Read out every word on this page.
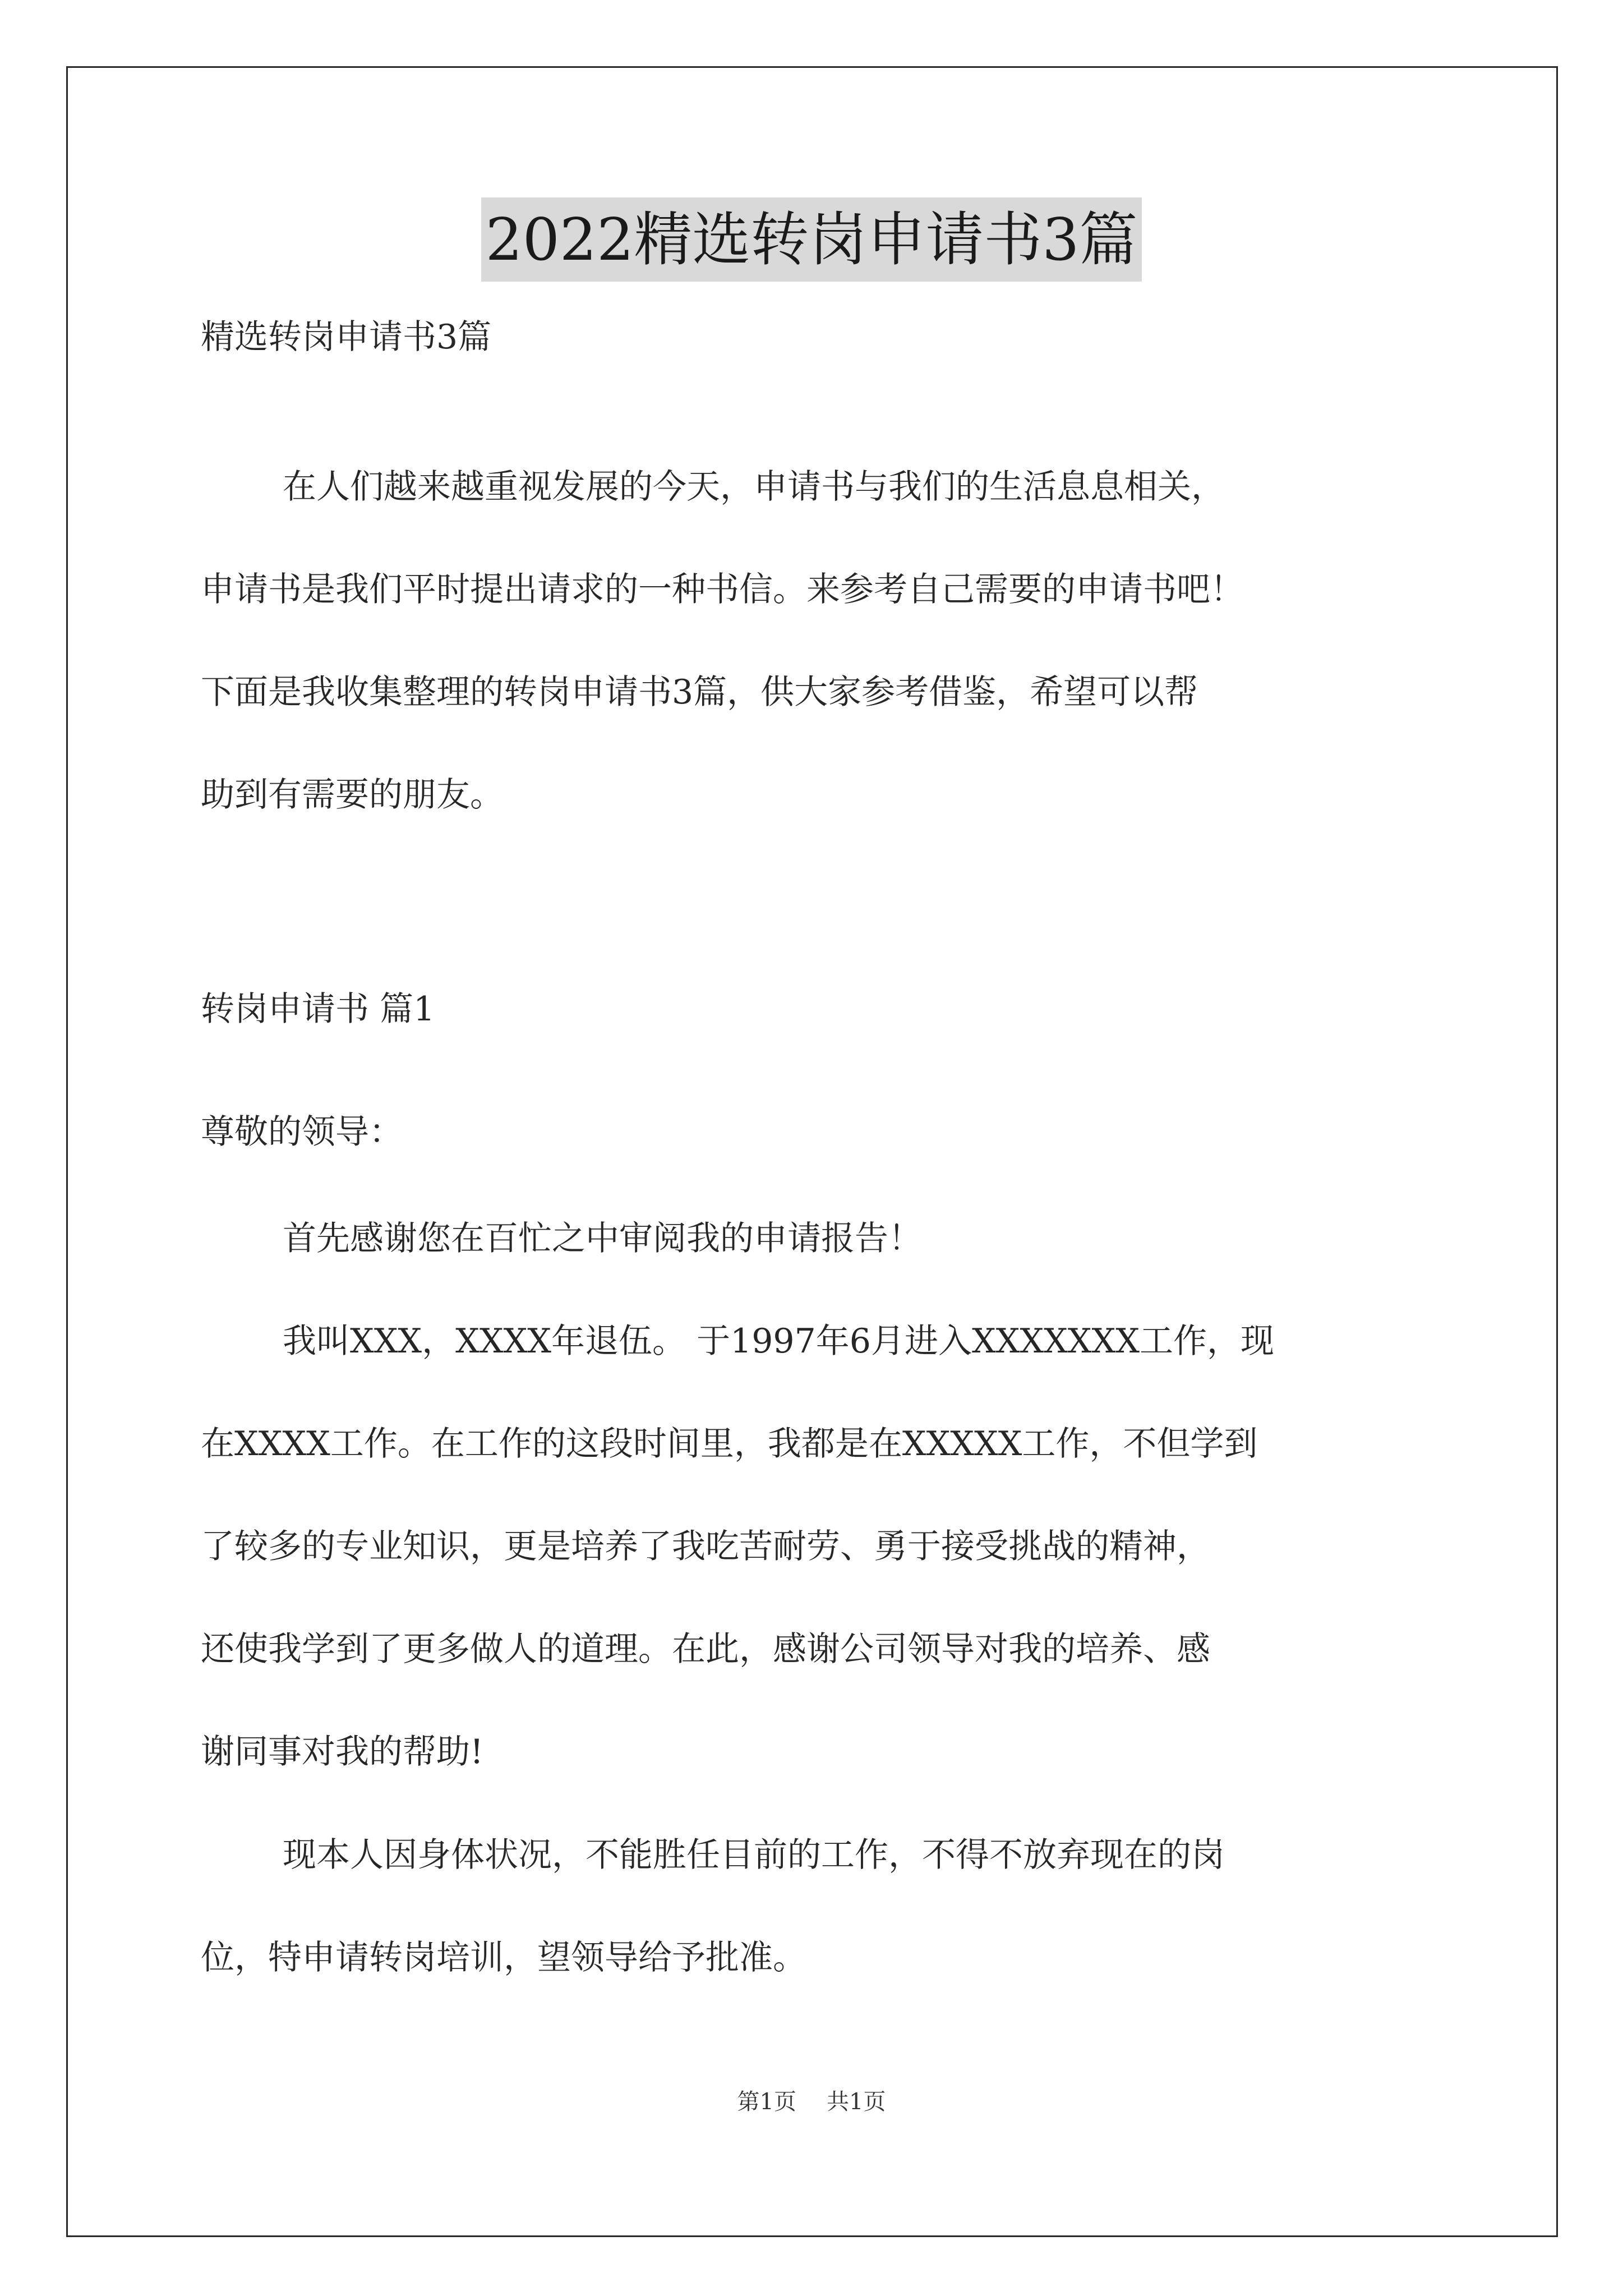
2022精选转岗申请书3篇
精选转岗申请书3篇
在人们越来越重视发展的今天，申请书与我们的生活息息相关，
申请书是我们平时提出请求的一种书信。来参考自己需要的申请书吧！
下面是我收集整理的转岗申请书3篇，供大家参考借鉴，希望可以帮
助到有需要的朋友。
转岗申请书 篇1
尊敬的领导：
首先感谢您在百忙之中审阅我的申请报告！
我叫XXX，XXXX年退伍。 于1997年6月进入XXXXXXX工作，现
在XXXX工作。在工作的这段时间里，我都是在XXXXX工作，不但学到
了较多的专业知识，更是培养了我吃苦耐劳、勇于接受挑战的精神，
还使我学到了更多做人的道理。在此，感谢公司领导对我的培养、感
谢同事对我的帮助!
现本人因身体状况，不能胜任目前的工作，不得不放弃现在的岗
位，特申请转岗培训，望领导给予批准。
第1页 共1页
